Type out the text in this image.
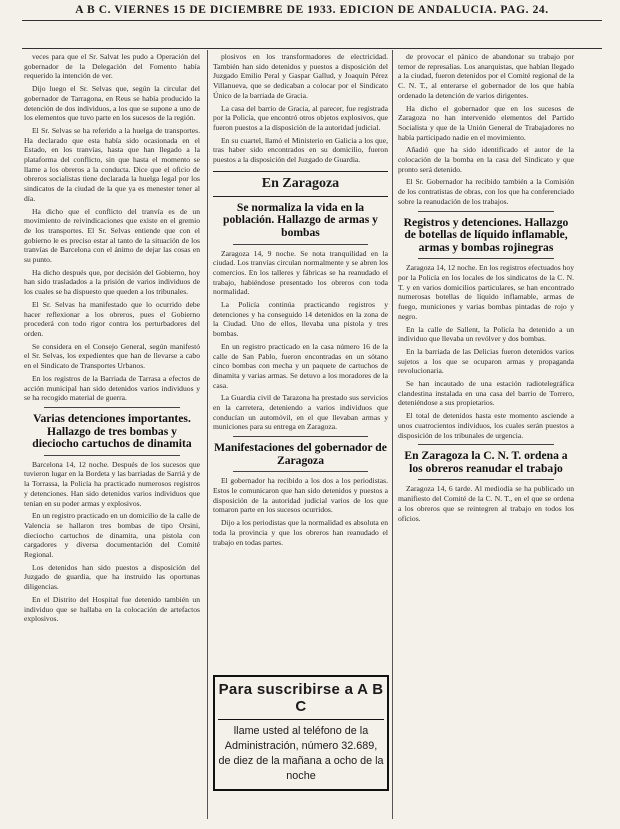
A B C. VIERNES 15 DE DICIEMBRE DE 1933. EDICION DE ANDALUCIA. PAG. 24.

veces para que el Sr. Salvat les pudo a Operación del gobernador de la Delegación del Fomento había requerido la intención de ver.

Dijo luego el Sr. Selvas que, según la circular del gobernador de Tarragona, en Reus se había producido la detención de dos individuos, a los que se supone a uno de los elementos que tuvo parte en los sucesos de la región.

El Sr. Selvas se ha referido a la huelga de transportes. Ha declarado que esta había sido ocasionada en el Estado, en los tranvías, hasta que han llegado a la plataforma del conflicto, sin que hasta el momento se llame a los obreros a la conducta. Dice que el oficio de obreros socialistas tiene declarada la huelga legal por los sindicatos de la ciudad de la que ya es menester tener al día.

Ha dicho que el conflicto del tranvía es de un movimiento de reivindicaciones que existe en el gremio de los transportes. El Sr. Selvas entiende que con el gobierno le es preciso estar al tanto de la situación de los tranvías de Barcelona con el ánimo de dejar las cosas en su punto.

Ha dicho después que, por decisión del Gobierno, hoy han sido trasladados a la prisión de varios individuos de los cuales se ha dispuesto que queden a los tribunales.

El Sr. Selvas ha manifestado que lo ocurrido debe hacer reflexionar a los obreros, pues el Gobierno procederá con todo rigor contra los perturbadores del orden.

Se considera en el Consejo General, según manifestó el Sr. Selvas, los expedientes que han de llevarse a cabo en el Sindicato de Transportes Urbanos.

En los registros de la Barriada de Tarrasa a efectos de acción municipal han sido detenidos varios individuos y se ha recogido material de guerra.

Varias detenciones importantes. Hallazgo de tres bombas y dieciocho cartuchos de dinamita

Barcelona 14, 12 noche. Después de los sucesos que tuvieron lugar en la Bordeta y las barriadas de Sarriá y de la Torrassa, la Policía ha practicado numerosos registros y detenciones. Han sido detenidos varios individuos que tenían en su poder armas y explosivos.

En un registro practicado en un domicilio de la calle de Valencia se hallaron tres bombas de tipo Orsini, dieciocho cartuchos de dinamita, una pistola con cargadores y diversa documentación del Comité Regional.

Los detenidos han sido puestos a disposición del Juzgado de guardia, que ha instruido las oportunas diligencias.

En el Distrito del Hospital fue detenido también un individuo que se hallaba en la colocación de artefactos explosivos.

plosivos en los transformadores de electricidad. También han sido detenidos y puestos a disposición del Juzgado Emilio Peral y Gaspar Gallud, y Joaquín Pérez Villanueva, que se dedicaban a colocar por el Sindicato Único de la barriada de Gracia.

La casa del barrio de Gracia, al parecer, fue registrada por la Policía, que encontró otros objetos explosivos, que fueron puestos a la disposición de la autoridad judicial.

En su cuartel, llamó el Ministerio en Galicia a los que, tras haber sido encontrados en su domicilio, fueron puestos a la disposición del Juzgado de Guardia.

En Zaragoza
Se normaliza la vida en la población. Hallazgo de armas y bombas

Zaragoza 14, 9 noche. Se nota tranquilidad en la ciudad. Los tranvías circulan normalmente y se abren los comercios. En los talleres y fábricas se ha reanudado el trabajo, habiéndose presentado los obreros con toda normalidad.

La Policía continúa practicando registros y detenciones y ha conseguido 14 detenidos en la zona de la Ciudad. Uno de ellos, llevaba una pistola y tres bombas.

En un registro practicado en la casa número 16 de la calle de San Pablo, fueron encontradas en un sótano cinco bombas con mecha y un paquete de cartuchos de dinamita y varias armas. Se detuvo a los moradores de la casa.

La Guardia civil de Tarazona ha prestado sus servicios en la carretera, deteniendo a varios individuos que conducían un automóvil, en el que llevaban armas y municiones para su entrega en Zaragoza.

Manifestaciones del gobernador de Zaragoza

El gobernador ha recibido a los dos a los periodistas. Estos le comunicaron que han sido detenidos y puestos a disposición de la autoridad judicial varios de los que tomaron parte en los sucesos ocurridos.

Dijo a los periodistas que la normalidad es absoluta en toda la provincia y que los obreros han reanudado el trabajo en todas partes.

Para suscribirse a A B C
llame usted al teléfono de la Administración, número 32.689, de diez de la mañana a ocho de la noche

de provocar el pánico de abandonar su trabajo por temor de represalias. Los anarquistas, que habían llegado a la ciudad, fueron detenidos por el Comité regional de la C. N. T., al enterarse el gobernador de los que había ordenado la detención de varios dirigentes.

Ha dicho el gobernador que en los sucesos de Zaragoza no han intervenido elementos del Partido Socialista y que de la Unión General de Trabajadores no había participado nadie en el movimiento.

Añadió que ha sido identificado el autor de la colocación de la bomba en la casa del Sindicato y que pronto será detenido.

El Sr. Gobernador ha recibido también a la Comisión de los contratistas de obras, con los que ha conferenciado sobre la reanudación de los trabajos.

Registros y detenciones. Hallazgo de botellas de líquido inflamable, armas y bombas rojinegras

Zaragoza 14, 12 noche. En los registros efectuados hoy por la Policía en los locales de los sindicatos de la C. N. T. y en varios domicilios particulares, se han encontrado numerosas botellas de líquido inflamable, armas de fuego, municiones y varias bombas pintadas de rojo y negro.

En la calle de Sallent, la Policía ha detenido a un individuo que llevaba un revólver y dos bombas.

En la barriada de las Delicias fueron detenidos varios sujetos a los que se ocuparon armas y propaganda revolucionaria.

Se han incautado de una estación radiotelegráfica clandestina instalada en una casa del barrio de Torrero, deteniéndose a sus propietarios.

El total de detenidos hasta este momento asciende a unos cuatrocientos individuos, los cuales serán puestos a disposición de los tribunales de urgencia.

En Zaragoza la C. N. T. ordena a los obreros reanudar el trabajo

Zaragoza 14, 6 tarde. Al mediodía se ha publicado un manifiesto del Comité de la C. N. T., en el que se ordena a los obreros que se reintegren al trabajo en todos los oficios.
